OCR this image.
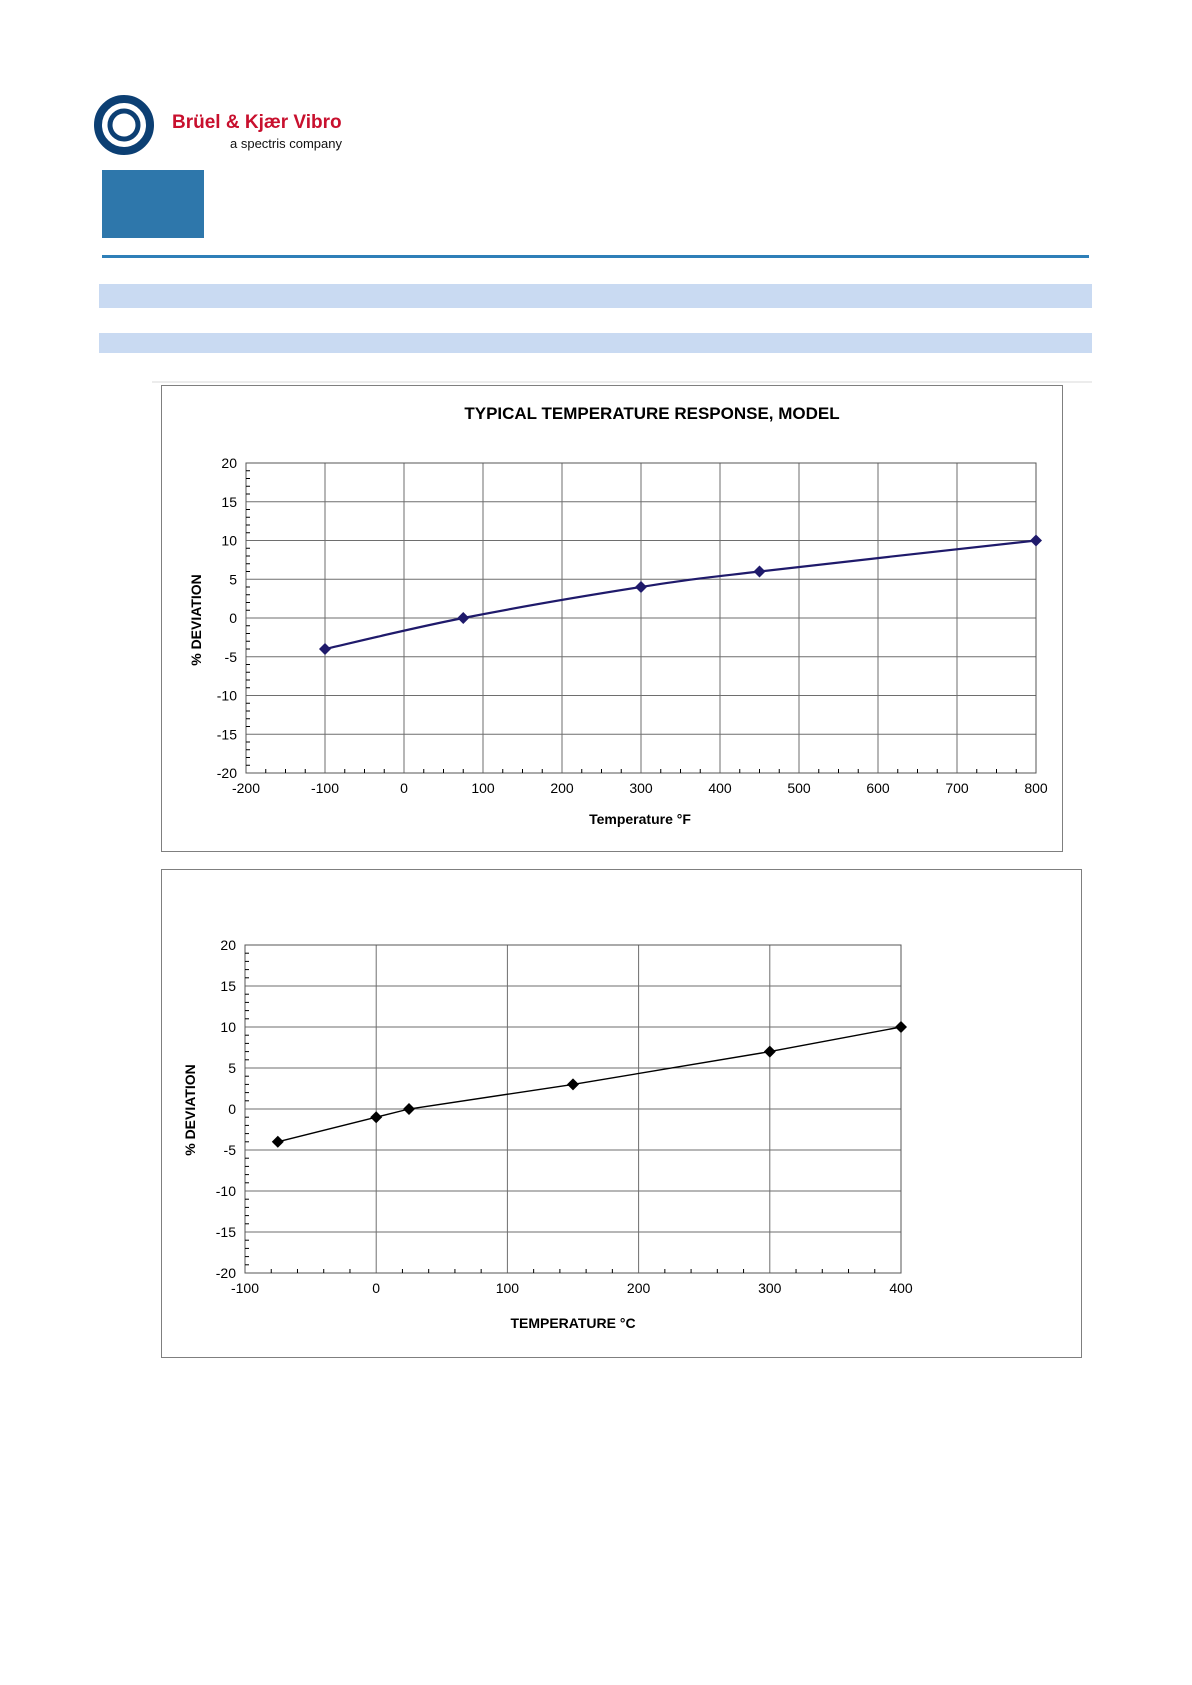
Brüel & Kjær Vibro
a spectris company
TYPICAL TEMPERATURE RESPONSE, MODEL
Temperature °F
% DEVIATION
-200	-100	0	100	200	300	400	500	600	700	800
-20
-15
-10
-5
0
5
10
15
20
TEMPERATURE °C
% DEVIATION
-100	0	100	200	300	400
-20
-15
-10
-5
0
5
10
15
20
